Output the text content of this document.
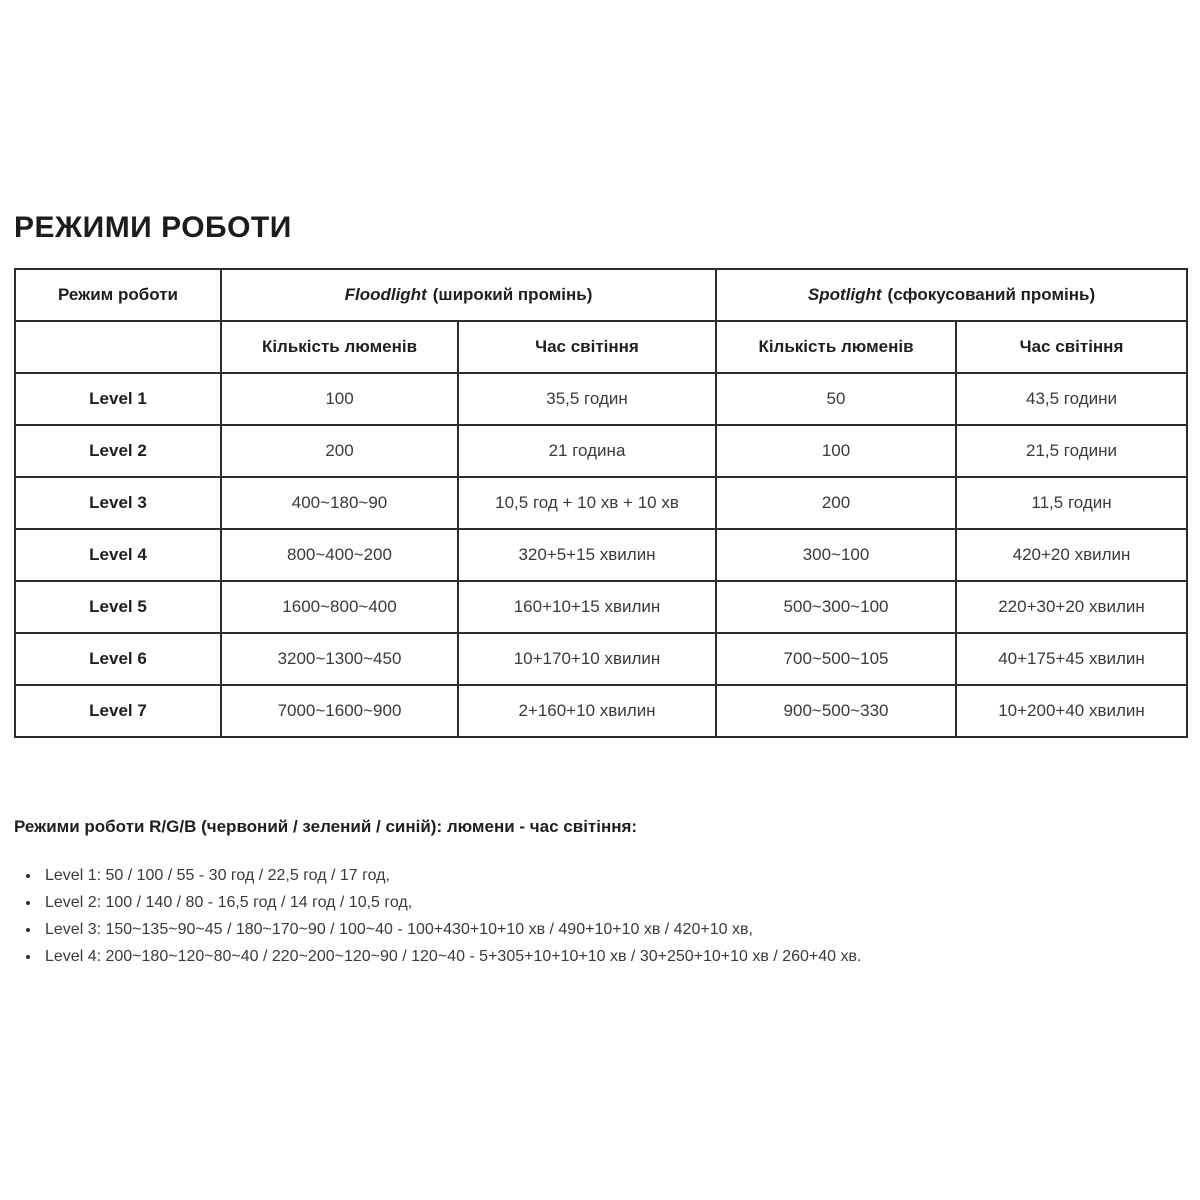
РЕЖИМИ РОБОТИ
Режим роботи	Floodlight (широкий промінь)		Spotlight (сфокусований промінь)	
	Кількість люменів	Час світіння	Кількість люменів	Час світіння
Level 1	100	35,5 годин	50	43,5 години
Level 2	200	21 година	100	21,5 години
Level 3	400~180~90	10,5 год + 10 хв + 10 хв	200	11,5 годин
Level 4	800~400~200	320+5+15 хвилин	300~100	420+20 хвилин
Level 5	1600~800~400	160+10+15 хвилин	500~300~100	220+30+20 хвилин
Level 6	3200~1300~450	10+170+10 хвилин	700~500~105	40+175+45 хвилин
Level 7	7000~1600~900	2+160+10 хвилин	900~500~330	10+200+40 хвилин

Режими роботи R/G/B (червоний / зелений / синій): люмени - час світіння:

• Level 1: 50 / 100 / 55 - 30 год / 22,5 год / 17 год,
• Level 2: 100 / 140 / 80 - 16,5 год / 14 год / 10,5 год,
• Level 3: 150~135~90~45 / 180~170~90 / 100~40 - 100+430+10+10 хв / 490+10+10 хв / 420+10 хв,
• Level 4: 200~180~120~80~40 / 220~200~120~90 / 120~40 - 5+305+10+10+10 хв / 30+250+10+10 хв / 260+40 хв.
